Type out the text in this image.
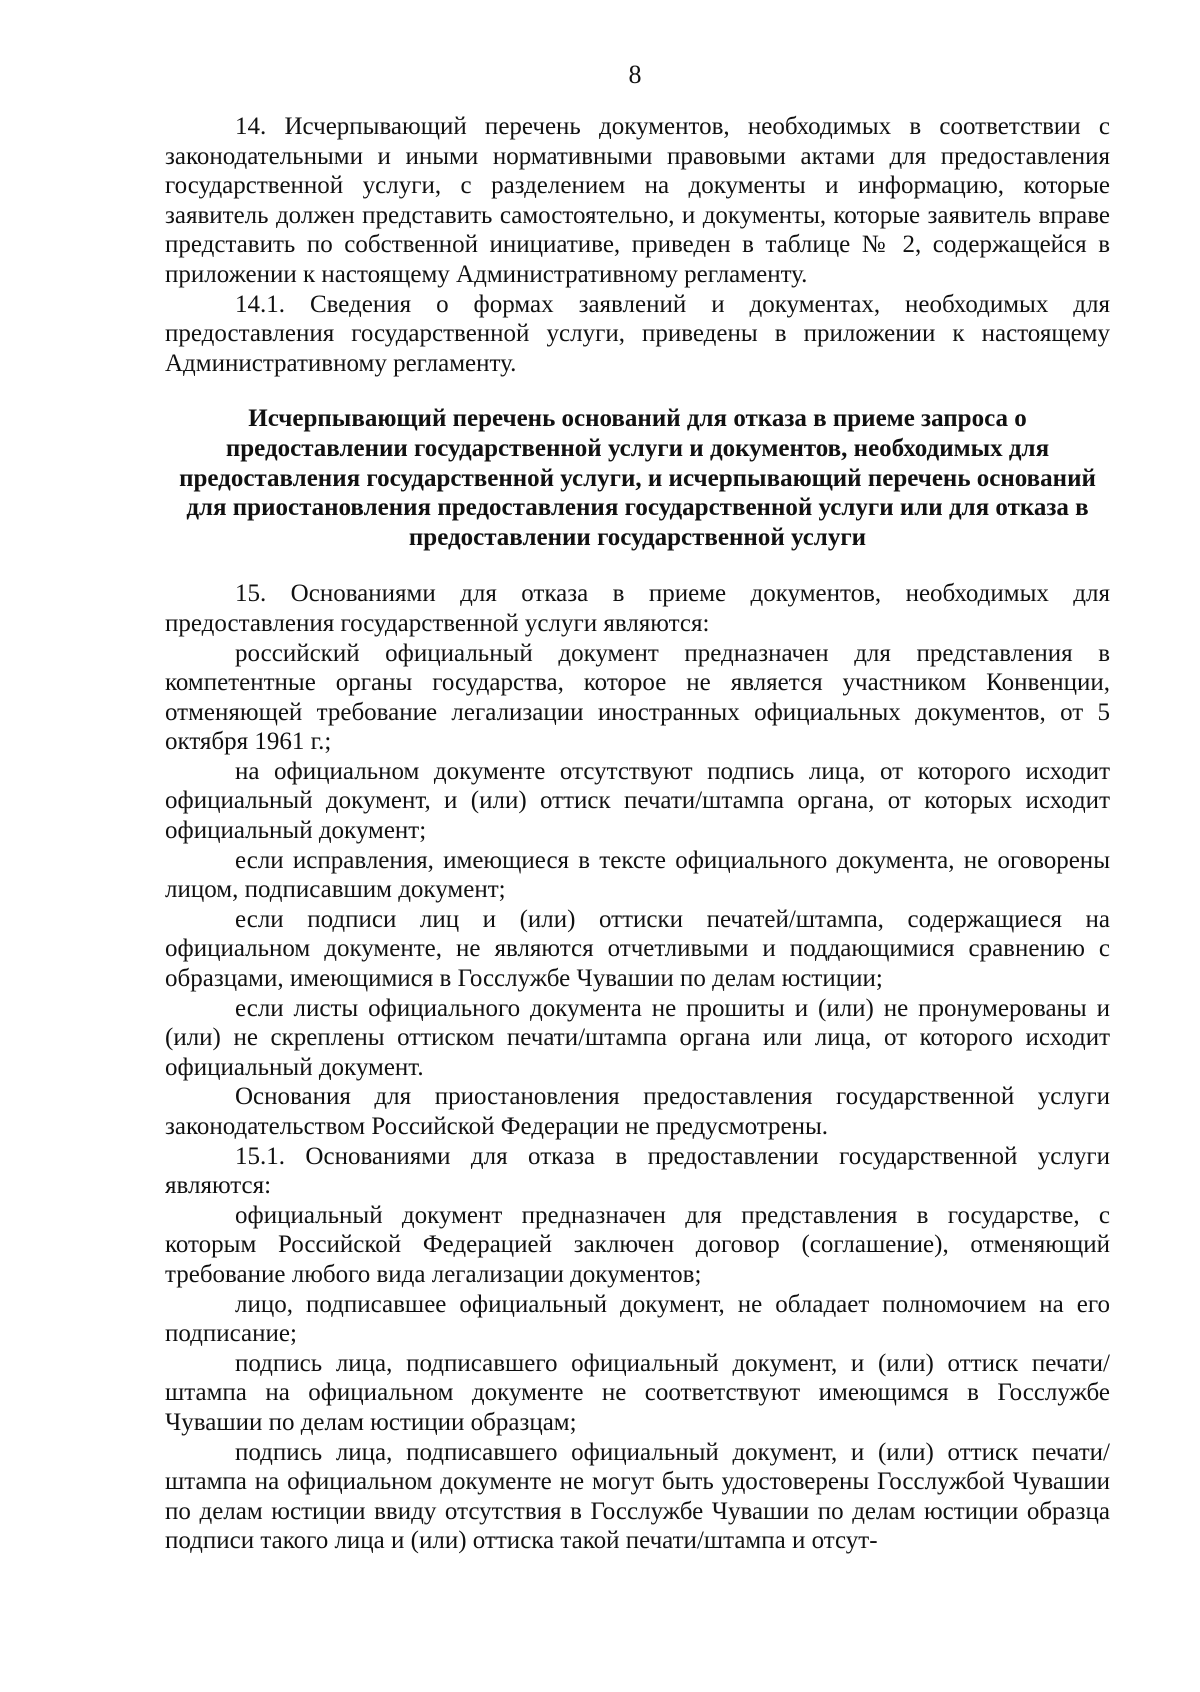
8

14. Исчерпывающий перечень документов, необходимых в соответствии с законодательными и иными нормативными правовыми актами для предоставления государственной услуги, с разделением на документы и информацию, которые заявитель должен представить самостоятельно, и документы, которые заявитель вправе представить по собственной инициативе, приведен в таблице № 2, содержащейся в приложении к настоящему Административному регламенту.

14.1. Сведения о формах заявлений и документах, необходимых для предоставления государственной услуги, приведены в приложении к настоящему Административному регламенту.

Исчерпывающий перечень оснований для отказа в приеме запроса о предоставлении государственной услуги и документов, необходимых для предоставления государственной услуги, и исчерпывающий перечень оснований для приостановления предоставления государственной услуги или для отказа в предоставлении государственной услуги

15. Основаниями для отказа в приеме документов, необходимых для предоставления государственной услуги являются:

российский официальный документ предназначен для представления в компетентные органы государства, которое не является участником Конвенции, отменяющей требование легализации иностранных официальных документов, от 5 октября 1961 г.;

на официальном документе отсутствуют подпись лица, от которого исходит официальный документ, и (или) оттиск печати/штампа органа, от которых исходит официальный документ;

если исправления, имеющиеся в тексте официального документа, не оговорены лицом, подписавшим документ;

если подписи лиц и (или) оттиски печатей/штампа, содержащиеся на официальном документе, не являются отчетливыми и поддающимися сравнению с образцами, имеющимися в Госслужбе Чувашии по делам юстиции;

если листы официального документа не прошиты и (или) не пронумерованы и (или) не скреплены оттиском печати/штампа органа или лица, от которого исходит официальный документ.

Основания для приостановления предоставления государственной услуги законодательством Российской Федерации не предусмотрены.

15.1. Основаниями для отказа в предоставлении государственной услуги являются:

официальный документ предназначен для представления в государстве, с которым Российской Федерацией заключен договор (соглашение), отменяющий требование любого вида легализации документов;

лицо, подписавшее официальный документ, не обладает полномочием на его подписание;

подпись лица, подписавшего официальный документ, и (или) оттиск печати/штампа на официальном документе не соответствуют имеющимся в Госслужбе Чувашии по делам юстиции образцам;

подпись лица, подписавшего официальный документ, и (или) оттиск печати/штампа на официальном документе не могут быть удостоверены Госслужбой Чувашии по делам юстиции ввиду отсутствия в Госслужбе Чувашии по делам юстиции образца подписи такого лица и (или) оттиска такой печати/штампа и отсут-
